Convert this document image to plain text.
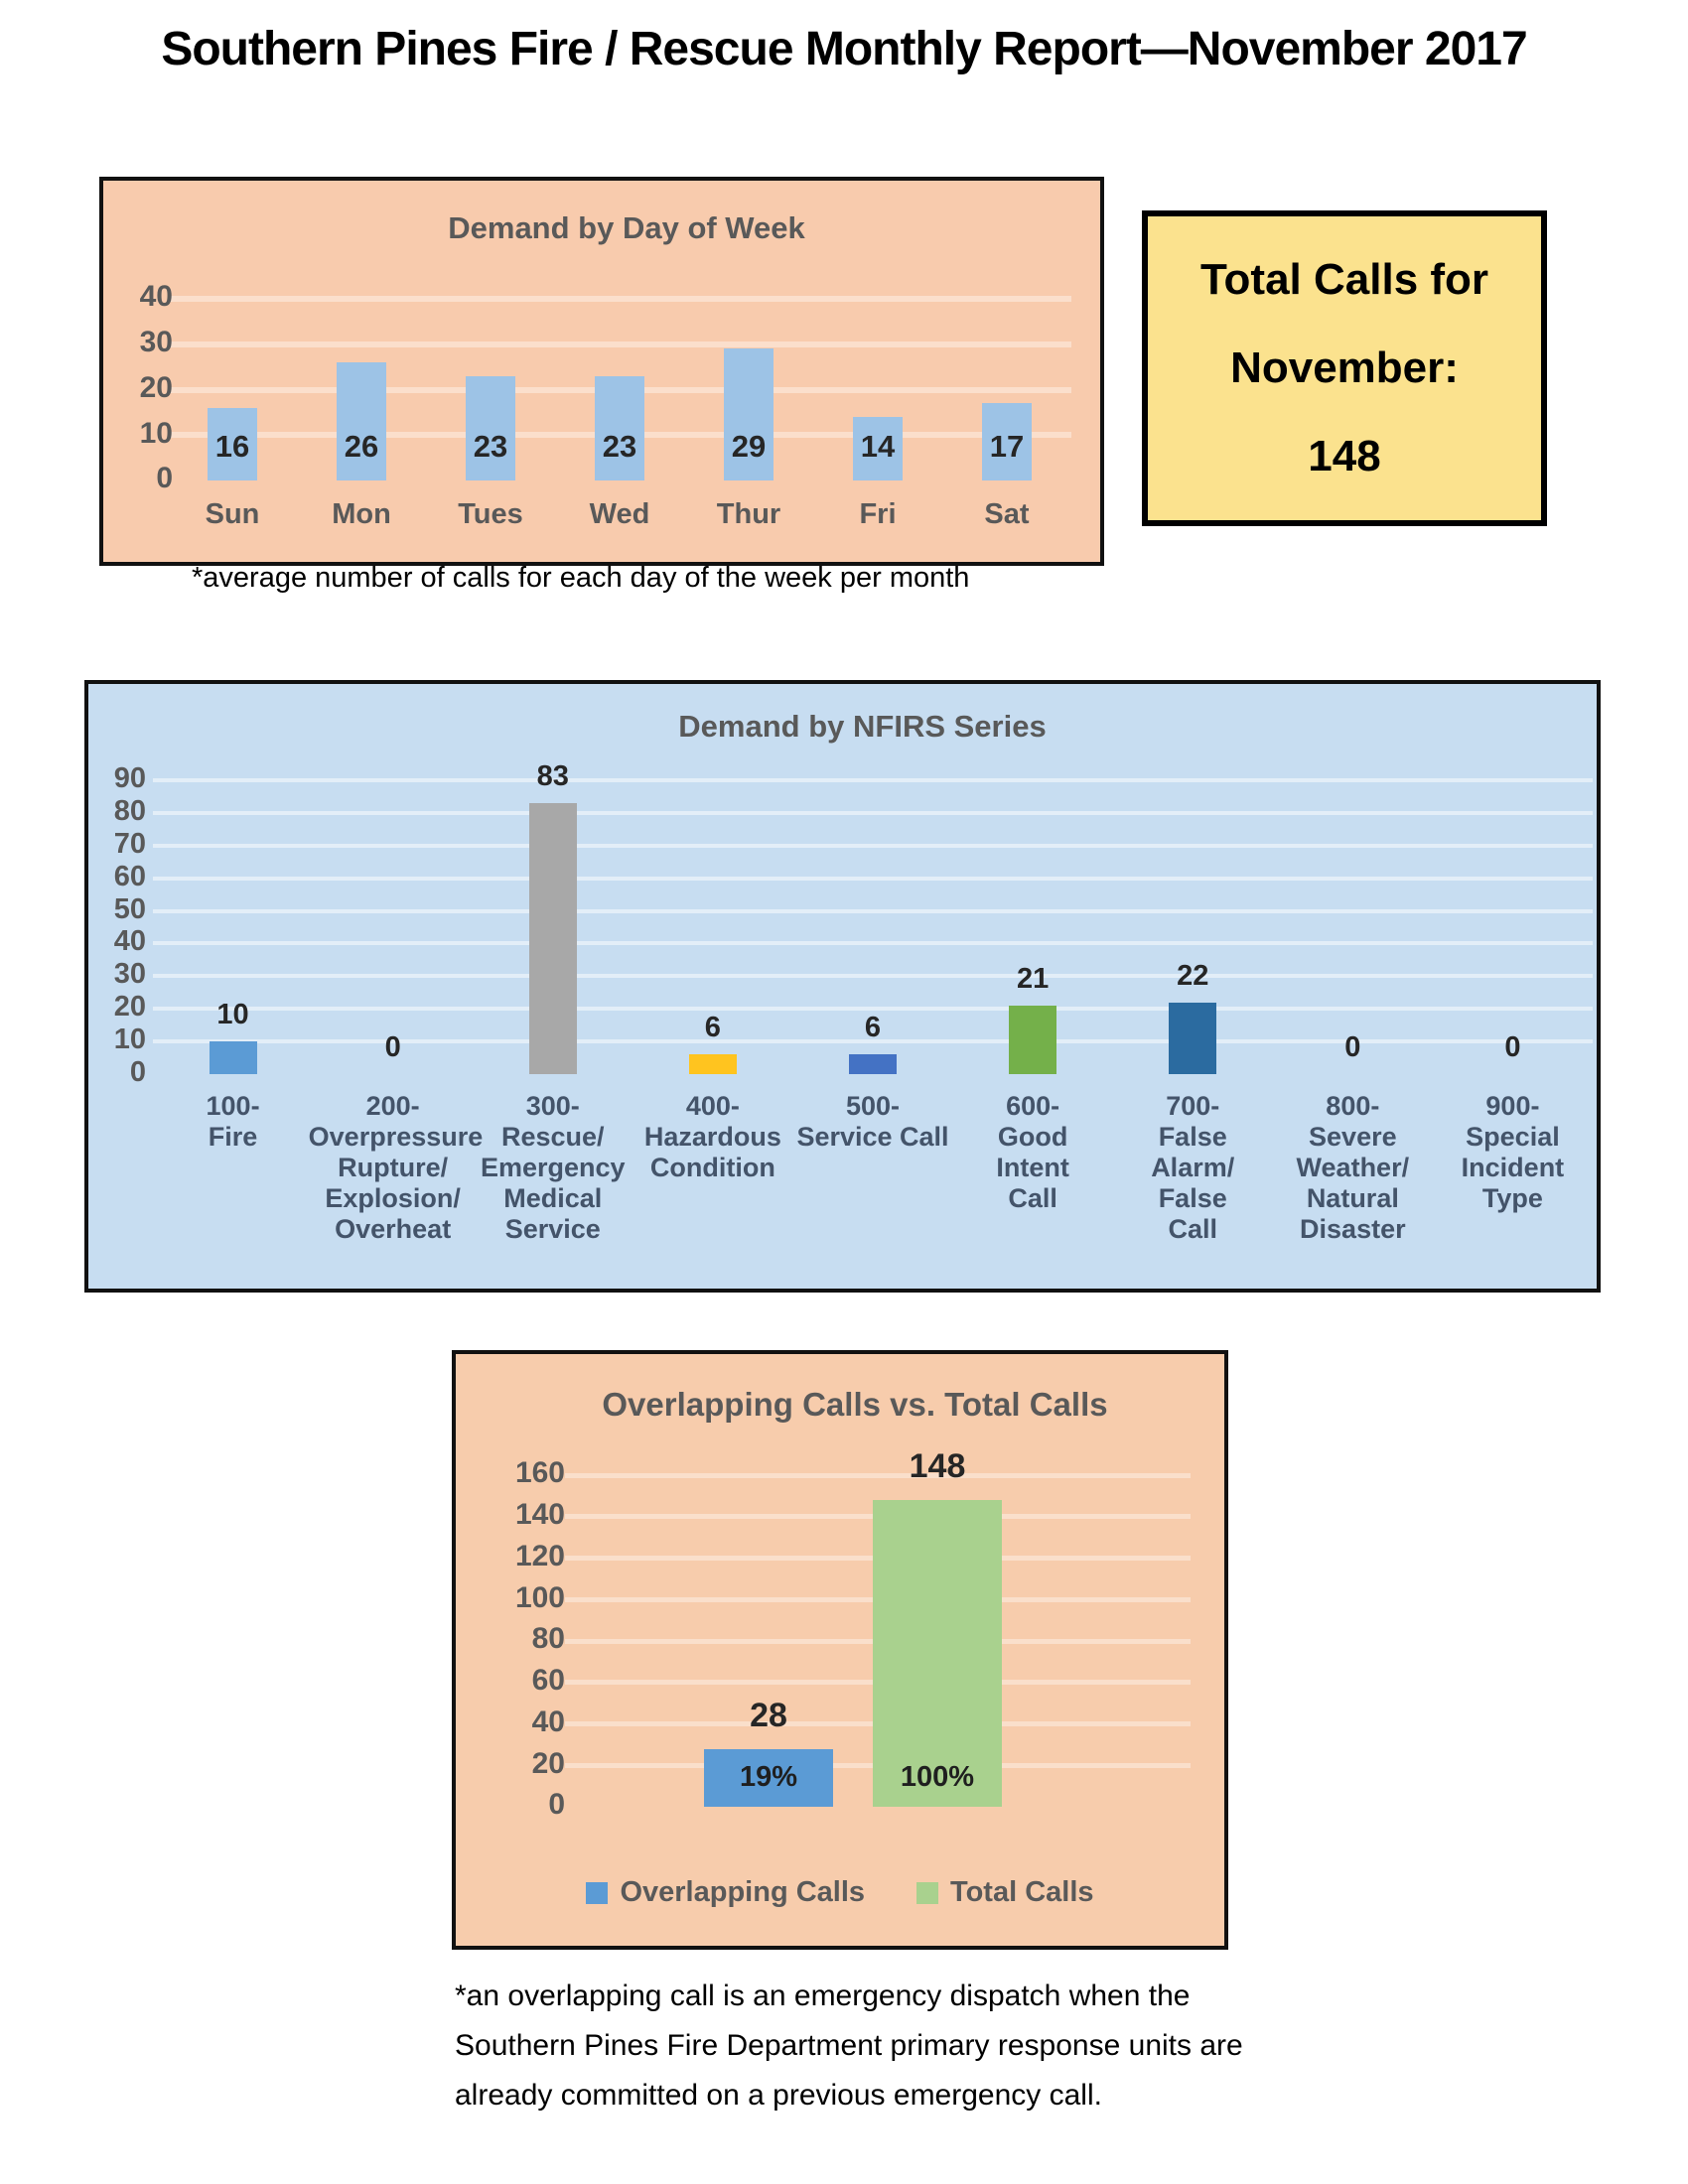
Southern Pines Fire / Rescue Monthly Report—November 2017
Demand by Day of Week
0
10
20
30
40
16
Sun
26
Mon
23
Tues
23
Wed
29
Thur
14
Fri
17
Sat
Total Calls for
November:
148
*average number of calls for each day of the week per month
Demand by NFIRS Series
0
10
20
30
40
50
60
70
80
90
10
100-
Fire
0
200-
Overpressure
Rupture/
Explosion/
Overheat
83
300-
Rescue/
Emergency
Medical
Service
6
400-
Hazardous
Condition
6
500-
Service Call
21
600-
Good
Intent
Call
22
700-
False
Alarm/
False
Call
0
800-
Severe
Weather/
Natural
Disaster
0
900-
Special
Incident
Type
Overlapping Calls vs. Total Calls
0
20
40
60
80
100
120
140
160
28
19%
148
100%
Overlapping Calls	Total Calls
*an overlapping call is an emergency dispatch when the
Southern Pines Fire Department primary response units are
already committed on a previous emergency call.
